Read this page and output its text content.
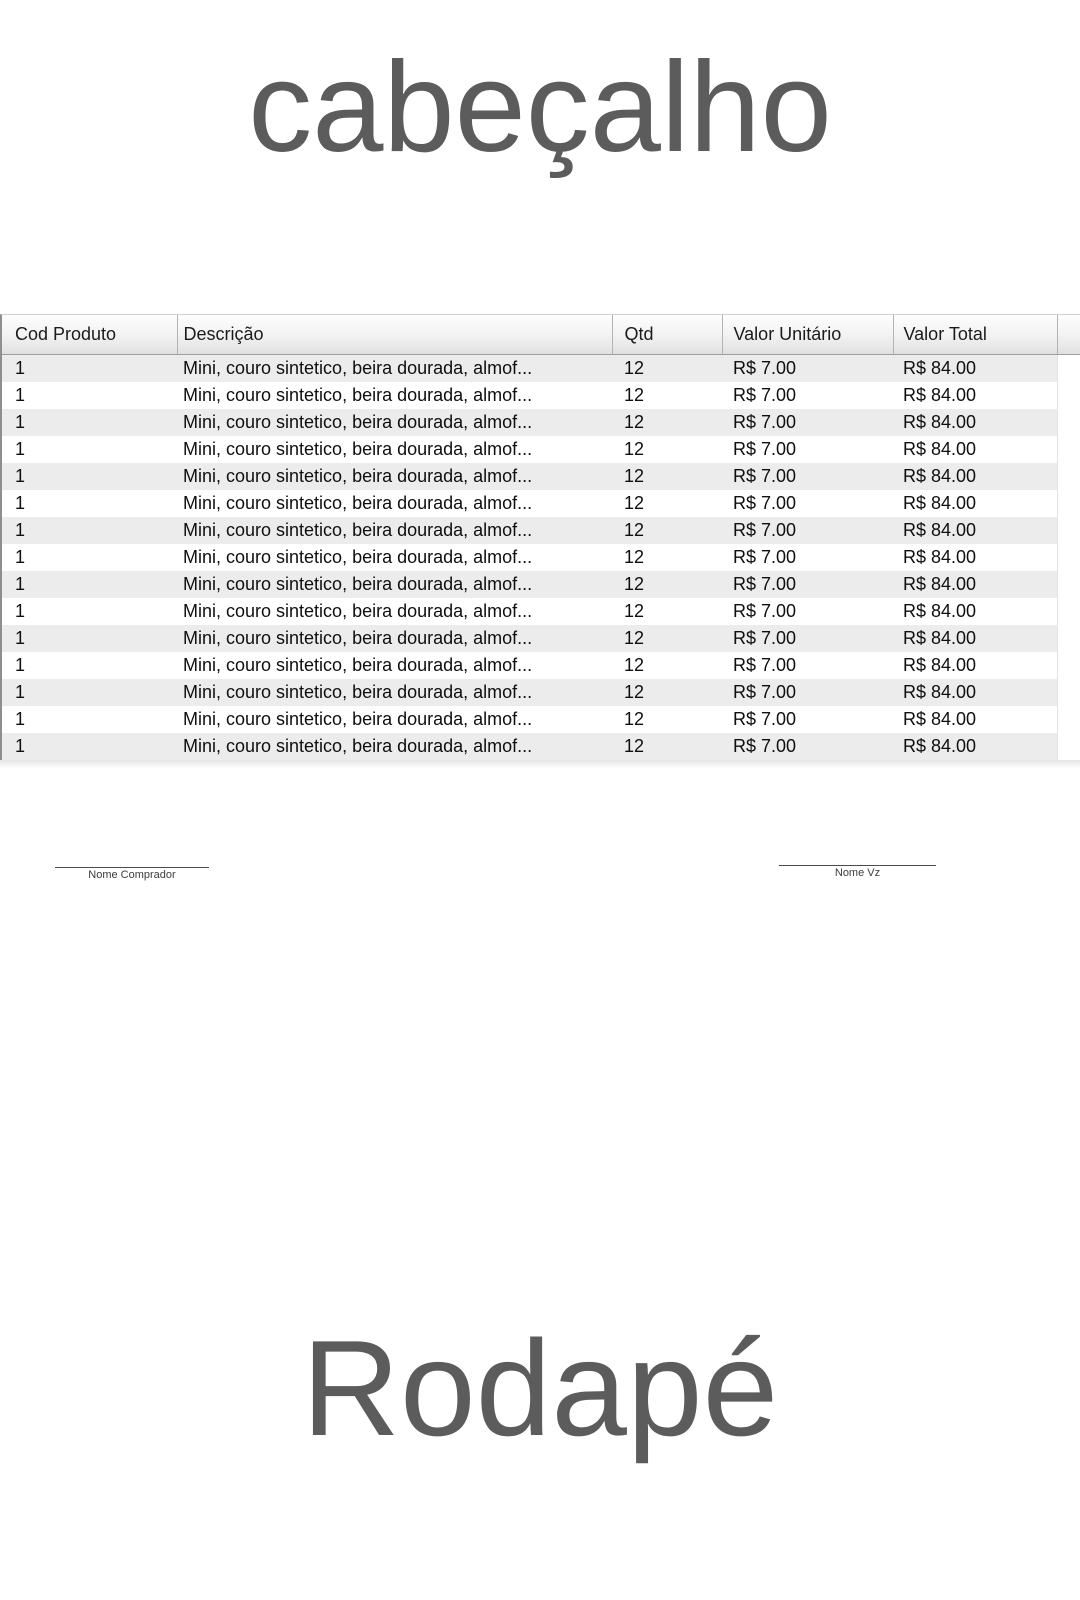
cabeçalho
Cod Produto	Descrição	Qtd	Valor Unitário	Valor Total	
1	Mini, couro sintetico, beira dourada, almof...	12	R$ 7.00	R$ 84.00	
1	Mini, couro sintetico, beira dourada, almof...	12	R$ 7.00	R$ 84.00	
1	Mini, couro sintetico, beira dourada, almof...	12	R$ 7.00	R$ 84.00	
1	Mini, couro sintetico, beira dourada, almof...	12	R$ 7.00	R$ 84.00	
1	Mini, couro sintetico, beira dourada, almof...	12	R$ 7.00	R$ 84.00	
1	Mini, couro sintetico, beira dourada, almof...	12	R$ 7.00	R$ 84.00	
1	Mini, couro sintetico, beira dourada, almof...	12	R$ 7.00	R$ 84.00	
1	Mini, couro sintetico, beira dourada, almof...	12	R$ 7.00	R$ 84.00	
1	Mini, couro sintetico, beira dourada, almof...	12	R$ 7.00	R$ 84.00	
1	Mini, couro sintetico, beira dourada, almof...	12	R$ 7.00	R$ 84.00	
1	Mini, couro sintetico, beira dourada, almof...	12	R$ 7.00	R$ 84.00	
1	Mini, couro sintetico, beira dourada, almof...	12	R$ 7.00	R$ 84.00	
1	Mini, couro sintetico, beira dourada, almof...	12	R$ 7.00	R$ 84.00	
1	Mini, couro sintetico, beira dourada, almof...	12	R$ 7.00	R$ 84.00	
1	Mini, couro sintetico, beira dourada, almof...	12	R$ 7.00	R$ 84.00	
Nome Comprador	Nome Vz
Rodapé
